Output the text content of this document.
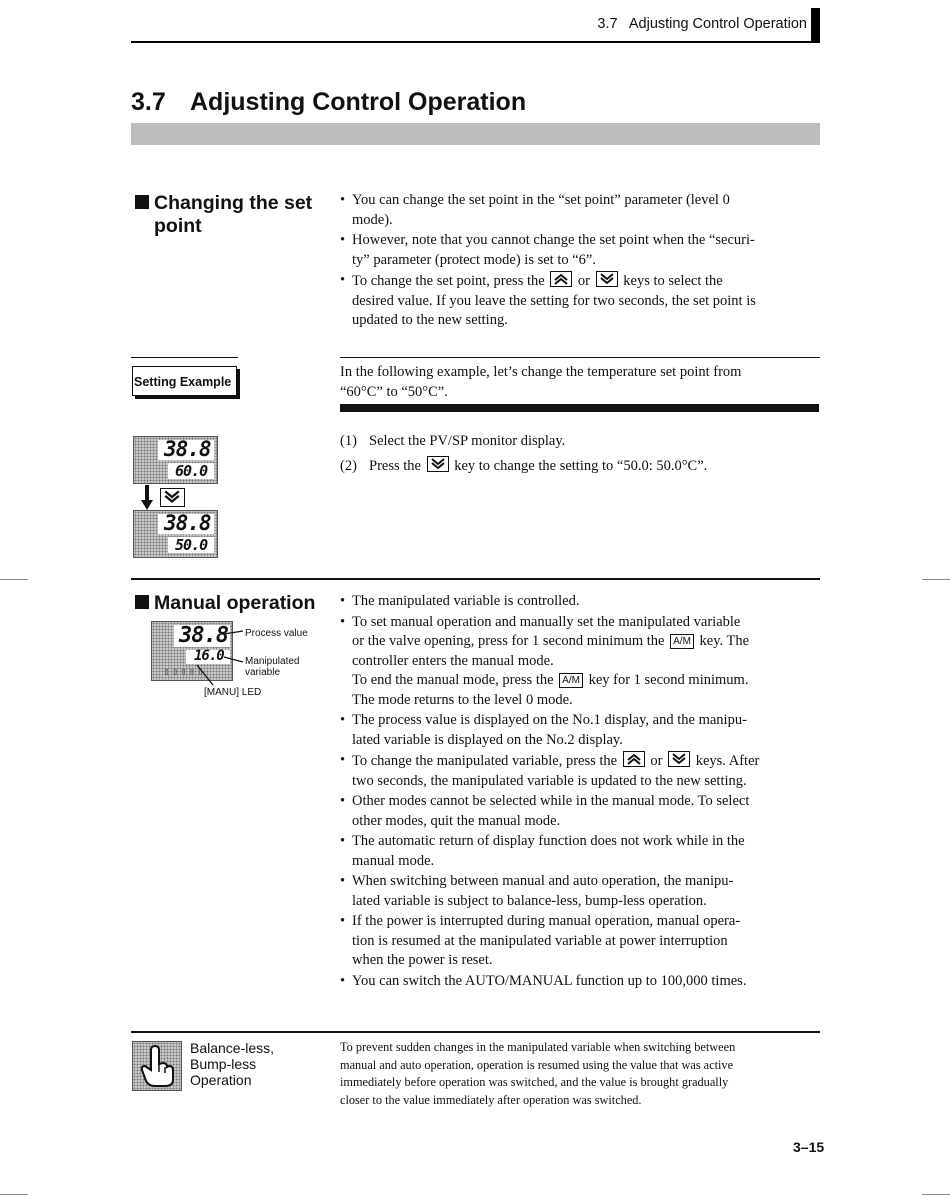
3.7   Adjusting Control Operation
3.7 Adjusting Control Operation
Changing the set
point
• You can change the set point in the “set point” parameter (level 0
mode).
• However, note that you cannot change the set point when the “securi-
ty” parameter (protect mode) is set to “6”.
• To change the set point, press the or keys to select the
desired value. If you leave the setting for two seconds, the set point is
updated to the new setting.
Setting Example
In the following example, let’s change the temperature set point from
“60°C” to “50°C”.
38.8
60.0
38.8
50.0
(1) Select the PV/SP monitor display.
(2) Press the key to change the setting to “50.0: 50.0°C”.
Manual operation
38.8
16.0
▯▯▯▯▯
Process value
Manipulated
variable
[MANU] LED
• The manipulated variable is controlled.
• To set manual operation and manually set the manipulated variable
or the valve opening, press for 1 second minimum the A/M key. The
controller enters the manual mode.
To end the manual mode, press the A/M key for 1 second minimum.
The mode returns to the level 0 mode.
• The process value is displayed on the No.1 display, and the manipu-
lated variable is displayed on the No.2 display.
• To change the manipulated variable, press the or keys. After
two seconds, the manipulated variable is updated to the new setting.
• Other modes cannot be selected while in the manual mode. To select
other modes, quit the manual mode.
• The automatic return of display function does not work while in the
manual mode.
• When switching between manual and auto operation, the manipu-
lated variable is subject to balance-less, bump-less operation.
• If the power is interrupted during manual operation, manual opera-
tion is resumed at the manipulated variable at power interruption
when the power is reset.
• You can switch the AUTO/MANUAL function up to 100,000 times.
Balance-less,
Bump-less
Operation
To prevent sudden changes in the manipulated variable when switching between
manual and auto operation, operation is resumed using the value that was active
immediately before operation was switched, and the value is brought gradually
closer to the value immediately after operation was switched.
3–15
